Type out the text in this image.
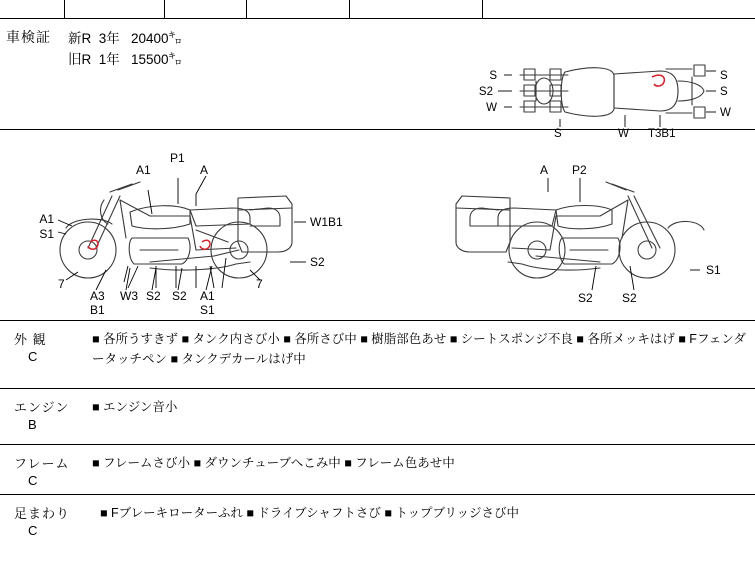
車検証 新R  3年   20400㌔
旧R  1年   15500㌔
S
S2
W
S
S
W
S	W T3B1
A1
S1
A1
P1
A
W1B1
S2
7
A3
B1
W3 S2 S2
7
A1
S1
A P2
S1
S2 S2
外 観
C
■ 各所うすきず ■ タンク内さび小 ■ 各所さび中 ■ 樹脂部色あせ ■ シートスポンジ不良 ■ 各所メッキはげ ■ Fフェンダータッチペン ■ タンクデカールはげ中
エンジン
B
■ エンジン音小
フレーム
C
■ フレームさび小 ■ ダウンチューブへこみ中 ■ フレーム色あせ中
足まわり
C
■ Fブレーキローターふれ ■ ドライブシャフトさび ■ トップブリッジさび中
